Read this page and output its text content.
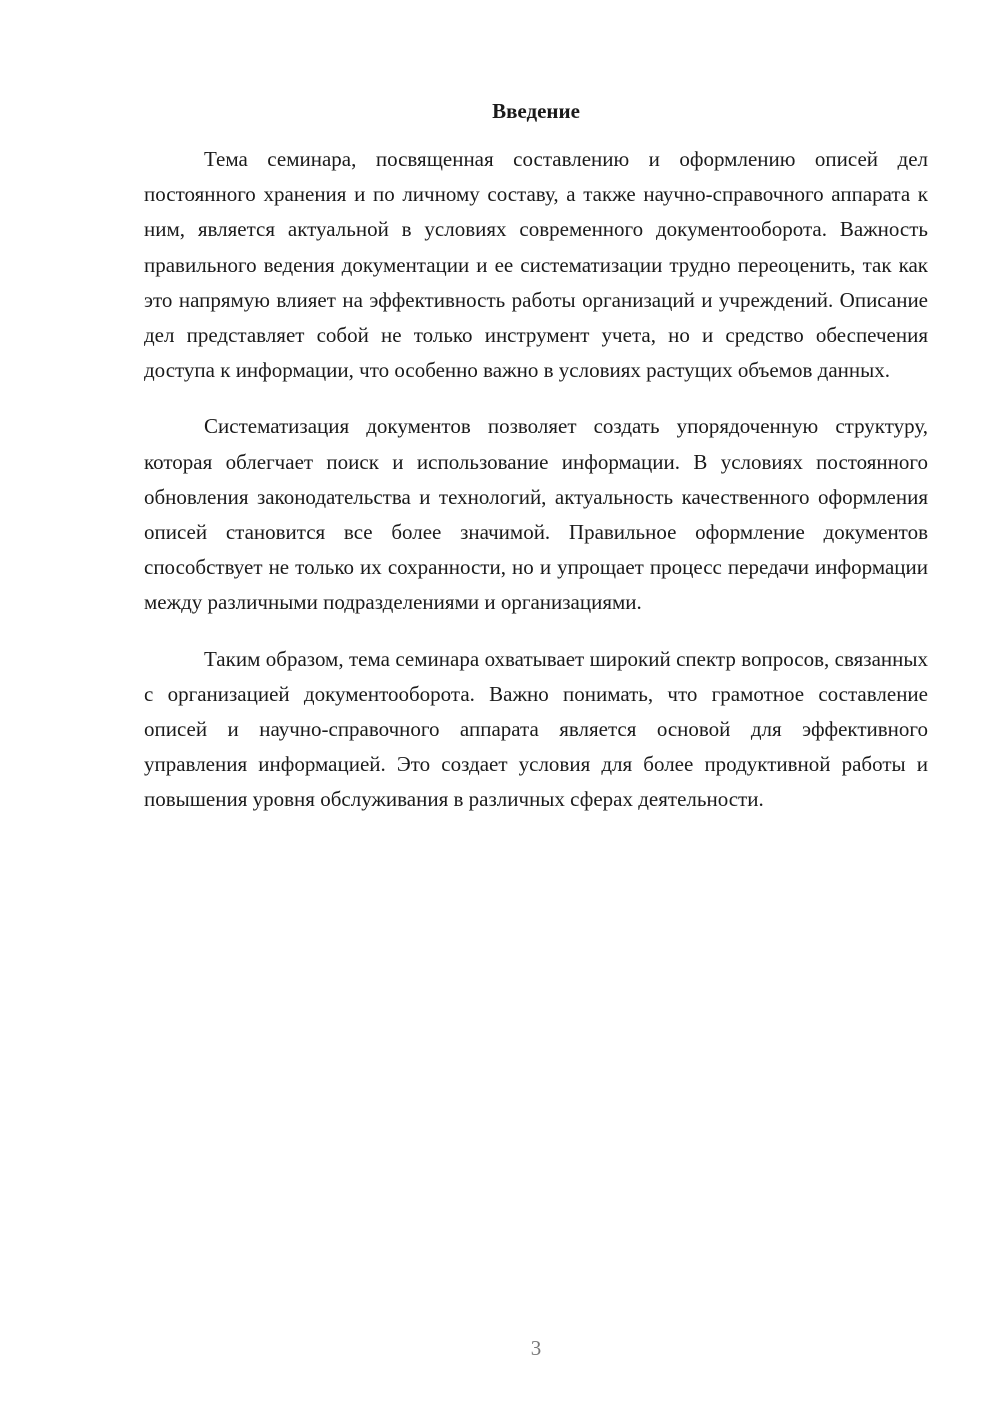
Введение

Тема семинара, посвященная составлению и оформлению описей дел постоянного хранения и по личному составу, а также научно-справочного аппарата к ним, является актуальной в условиях современного документооборота. Важность правильного ведения документации и ее систематизации трудно переоценить, так как это напрямую влияет на эффективность работы организаций и учреждений. Описание дел представляет собой не только инструмент учета, но и средство обеспечения доступа к информации, что особенно важно в условиях растущих объемов данных.

Систематизация документов позволяет создать упорядоченную структуру, которая облегчает поиск и использование информации. В условиях постоянного обновления законодательства и технологий, актуальность качественного оформления описей становится все более значимой. Правильное оформление документов способствует не только их сохранности, но и упрощает процесс передачи информации между различными подразделениями и организациями.

Таким образом, тема семинара охватывает широкий спектр вопросов, связанных с организацией документооборота. Важно понимать, что грамотное составление описей и научно-справочного аппарата является основой для эффективного управления информацией. Это создает условия для более продуктивной работы и повышения уровня обслуживания в различных сферах деятельности.

3
